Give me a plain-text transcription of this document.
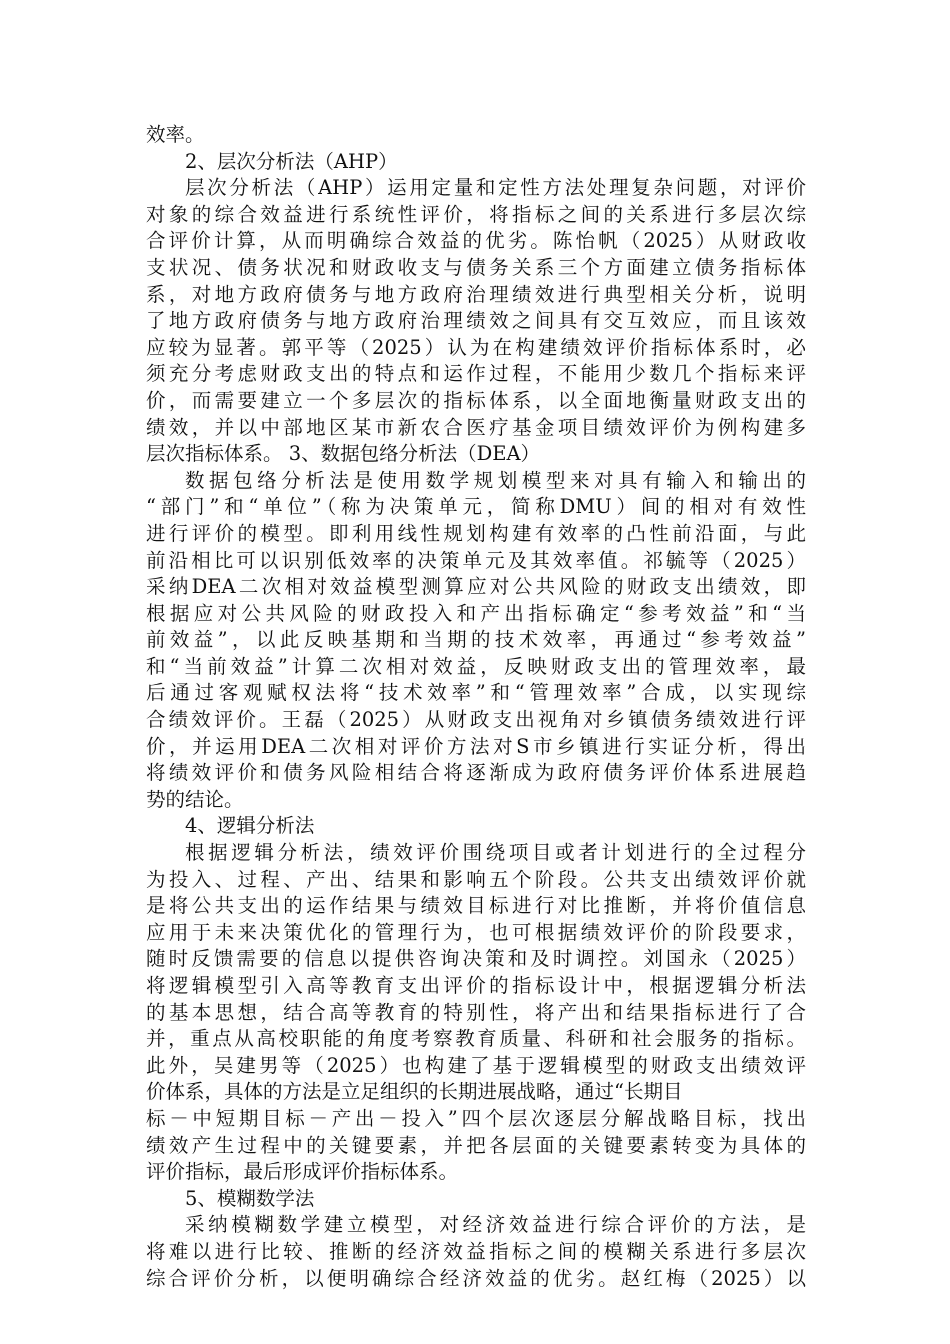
效率。
2、层次分析法（AHP）
层次分析法（AHP）运用定量和定性方法处理复杂问题，对评价
对象的综合效益进行系统性评价，将指标之间的关系进行多层次综
合评价计算，从而明确综合效益的优劣。陈怡帆（2025）从财政收
支状况、债务状况和财政收支与债务关系三个方面建立债务指标体
系，对地方政府债务与地方政府治理绩效进行典型相关分析，说明
了地方政府债务与地方政府治理绩效之间具有交互效应，而且该效
应较为显著。郭平等（2025）认为在构建绩效评价指标体系时，必
须充分考虑财政支出的特点和运作过程，不能用少数几个指标来评
价，而需要建立一个多层次的指标体系，以全面地衡量财政支出的
绩效，并以中部地区某市新农合医疗基金项目绩效评价为例构建多
层次指标体系。 3、数据包络分析法（DEA）
数据包络分析法是使用数学规划模型来对具有输入和输出的
“部门”和“单位”（称为决策单元，简称DMU）间的相对有效性
进行评价的模型。即利用线性规划构建有效率的凸性前沿面，与此
前沿相比可以识别低效率的决策单元及其效率值。祁毓等（2025）
采纳DEA二次相对效益模型测算应对公共风险的财政支出绩效，即
根据应对公共风险的财政投入和产出指标确定“参考效益”和“当
前效益”，以此反映基期和当期的技术效率，再通过“参考效益”
和“当前效益”计算二次相对效益，反映财政支出的管理效率，最
后通过客观赋权法将“技术效率”和“管理效率”合成，以实现综
合绩效评价。王磊（2025）从财政支出视角对乡镇债务绩效进行评
价，并运用DEA二次相对评价方法对S市乡镇进行实证分析，得出
将绩效评价和债务风险相结合将逐渐成为政府债务评价体系进展趋
势的结论。
4、逻辑分析法
根据逻辑分析法，绩效评价围绕项目或者计划进行的全过程分
为投入、过程、产出、结果和影响五个阶段。公共支出绩效评价就
是将公共支出的运作结果与绩效目标进行对比推断，并将价值信息
应用于未来决策优化的管理行为，也可根据绩效评价的阶段要求，
随时反馈需要的信息以提供咨询决策和及时调控。刘国永（2025）
将逻辑模型引入高等教育支出评价的指标设计中，根据逻辑分析法
的基本思想，结合高等教育的特别性，将产出和结果指标进行了合
并，重点从高校职能的角度考察教育质量、科研和社会服务的指标。
此外，吴建男等（2025）也构建了基于逻辑模型的财政支出绩效评
价体系，具体的方法是立足组织的长期进展战略，通过“长期目
标－中短期目标－产出－投入”四个层次逐层分解战略目标，找出
绩效产生过程中的关键要素，并把各层面的关键要素转变为具体的
评价指标，最后形成评价指标体系。
5、模糊数学法
采纳模糊数学建立模型，对经济效益进行综合评价的方法，是
将难以进行比较、推断的经济效益指标之间的模糊关系进行多层次
综合评价分析，以便明确综合经济效益的优劣。赵红梅（2025）以
